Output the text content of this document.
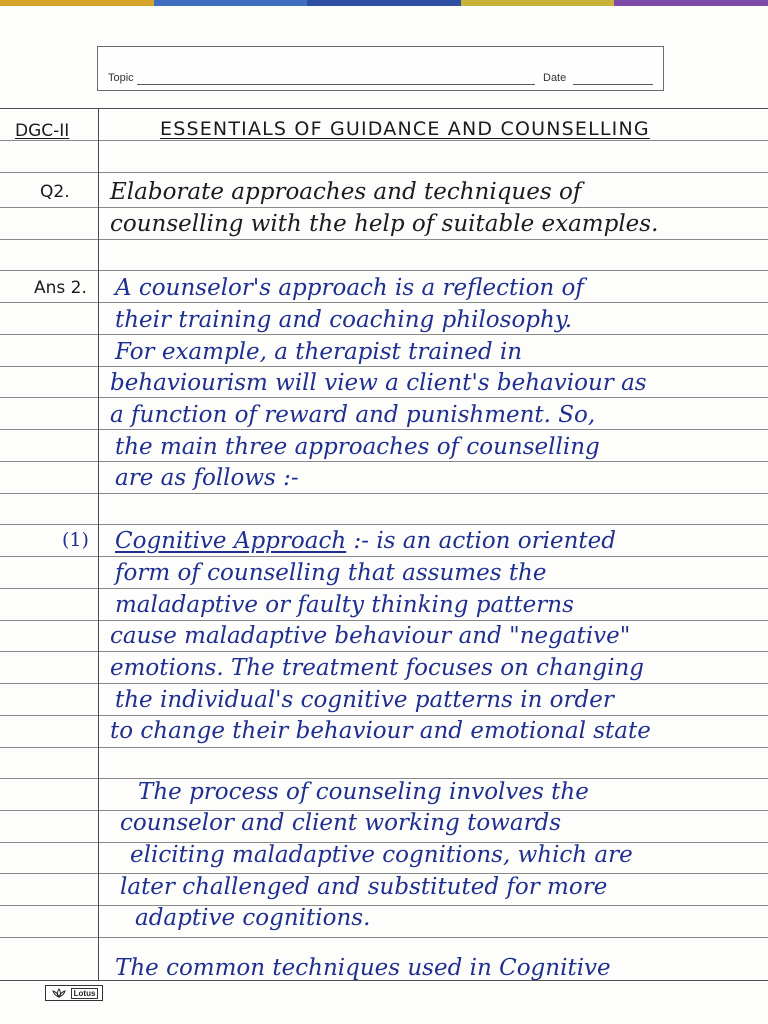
Topic	Date
DGC-II	ESSENTIALS OF GUIDANCE AND COUNSELLING
Q2. Elaborate approaches and techniques of
counselling with the help of suitable examples.
Ans 2. A counselor's approach is a reflection of
their training and coaching philosophy.
For example, a therapist trained in
behaviourism will view a client's behaviour as
a function of reward and punishment. So,
the main three approaches of counselling
are as follows :-
(1) Cognitive Approach :- is an action oriented
form of counselling that assumes the
maladaptive or faulty thinking patterns
cause maladaptive behaviour and "negative"
emotions. The treatment focuses on changing
the individual's cognitive patterns in order
to change their behaviour and emotional state
The process of counseling involves the
counselor and client working towards
eliciting maladaptive cognitions, which are
later challenged and substituted for more
adaptive cognitions.
The common techniques used in Cognitive
Lotus
